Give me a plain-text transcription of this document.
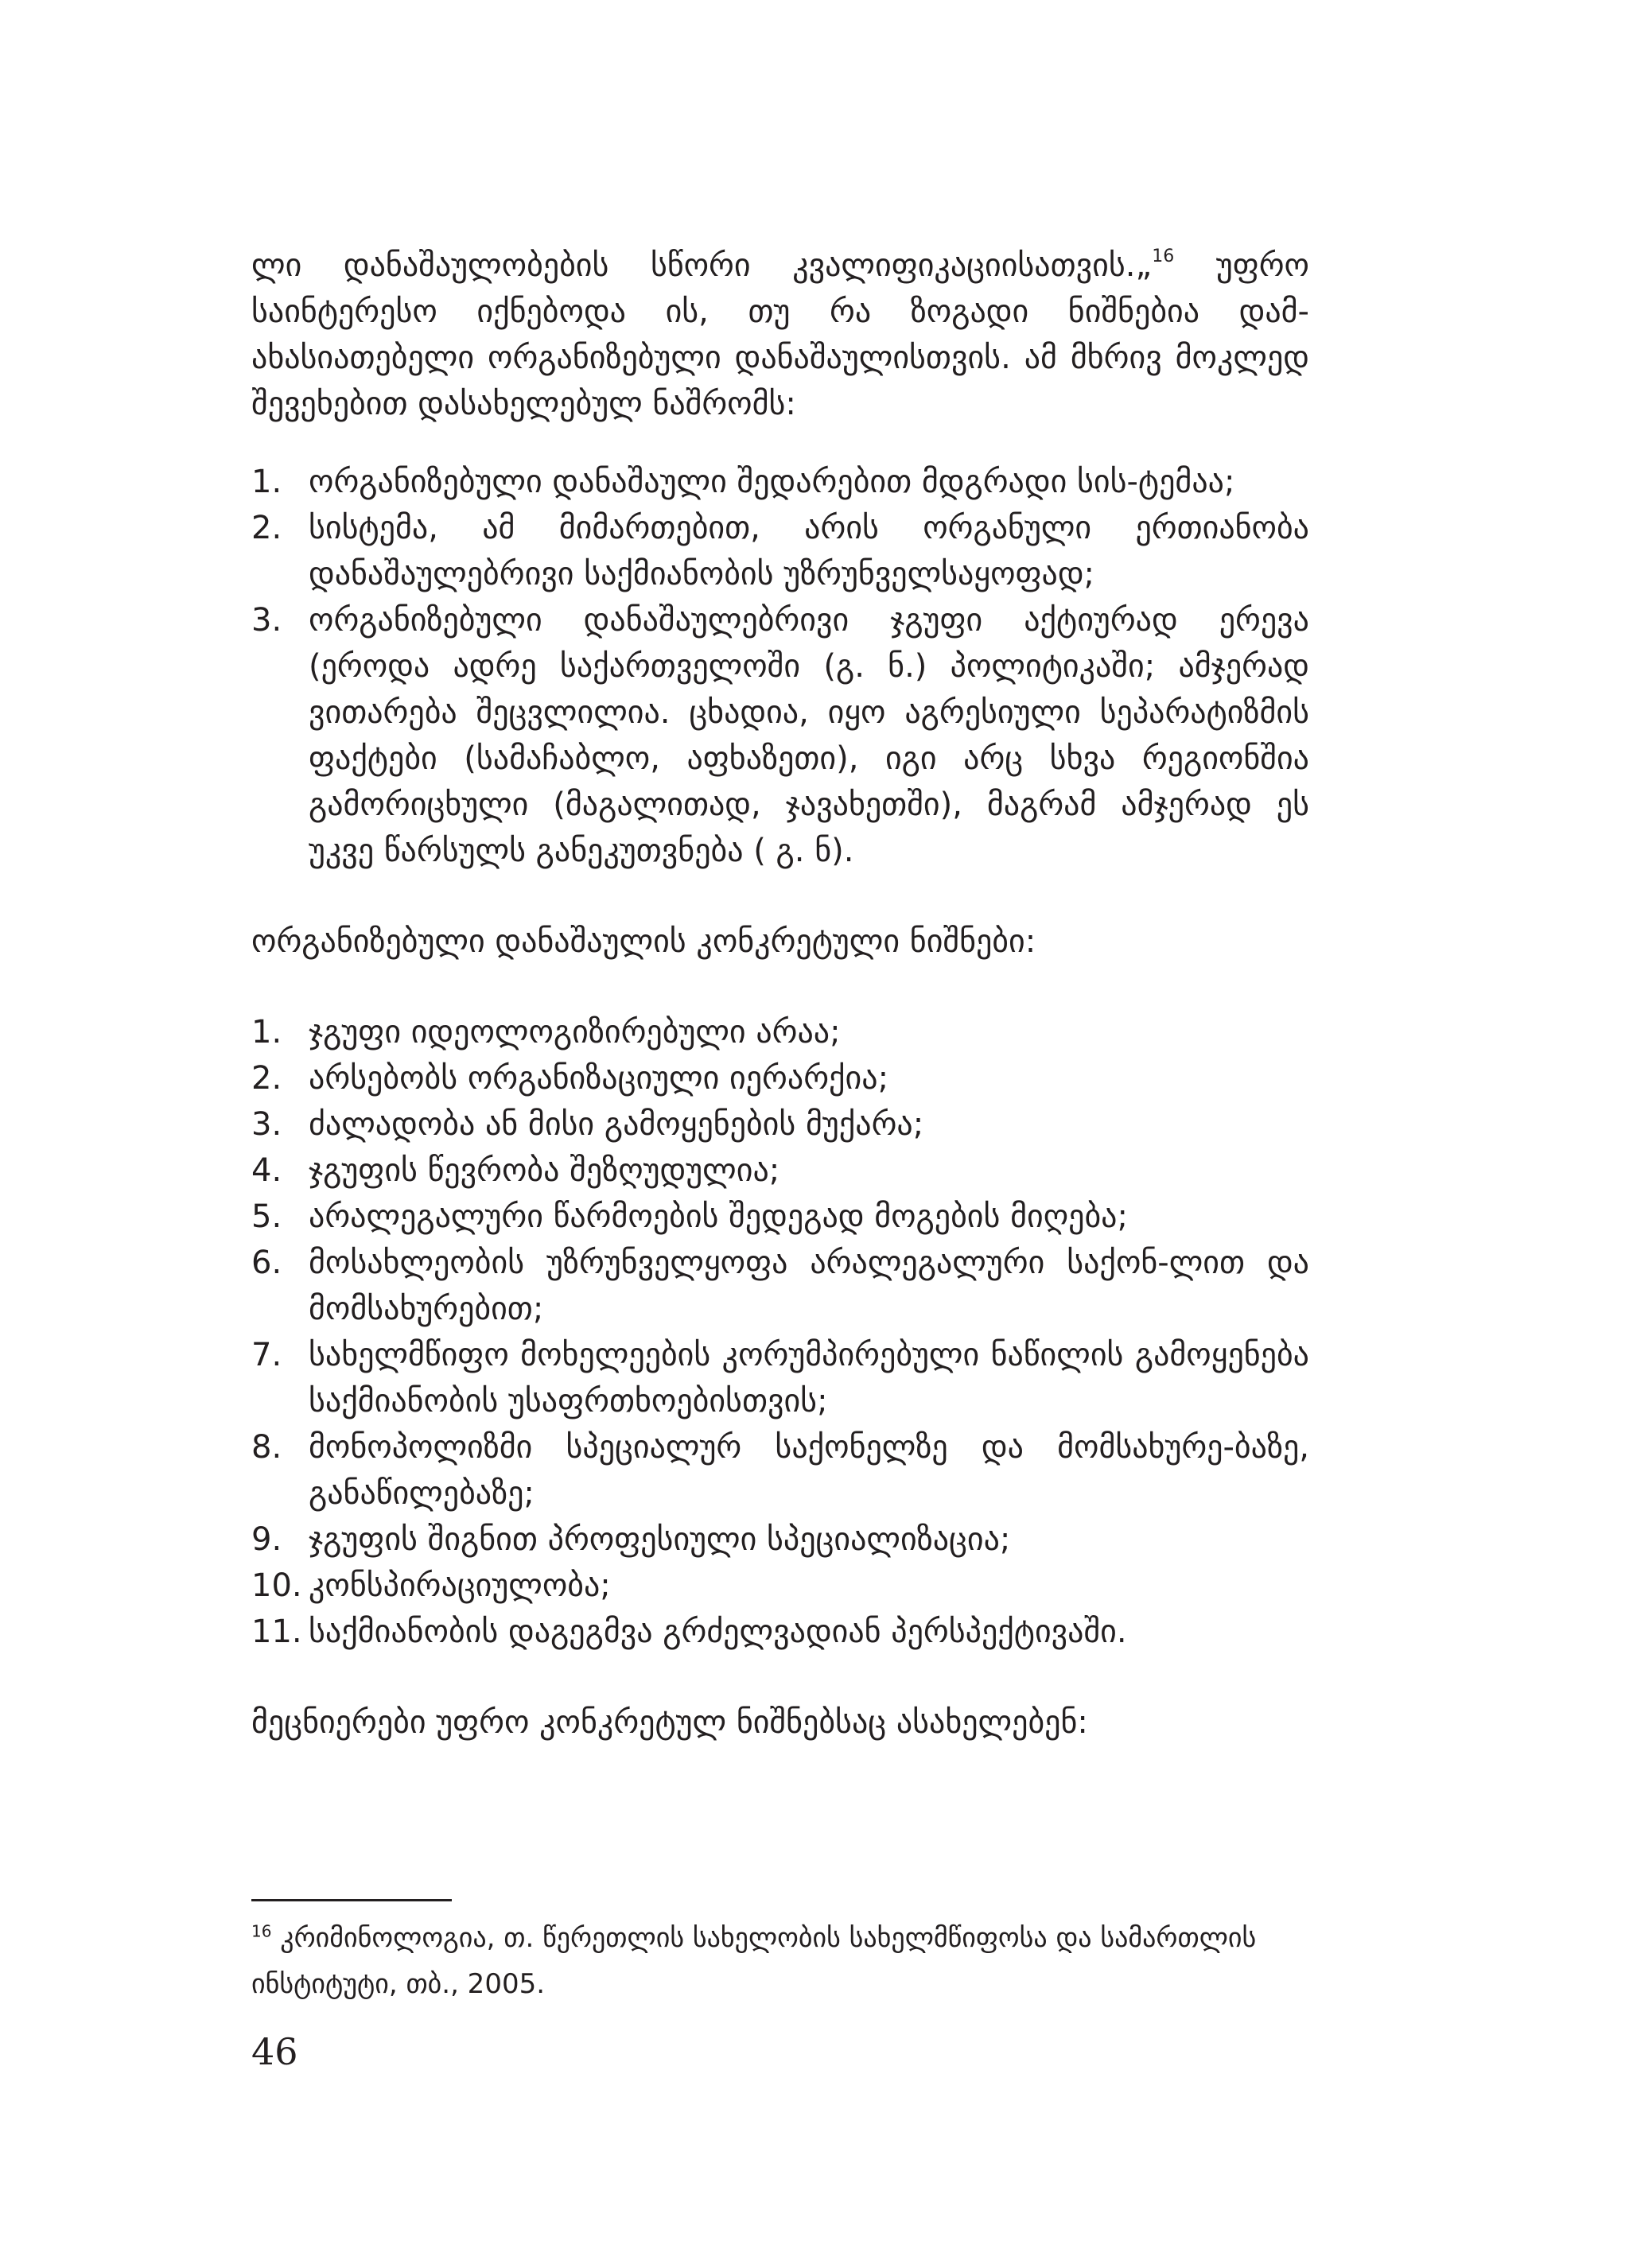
ლი დანაშაულობების სწორი კვალიფიკაციისათვის.„$^{16}$ უფრო საინტერესო იქნებოდა ის, თუ რა ზოგადი ნიშნებია დამ-ახასიათებელი ორგანიზებული დანაშაულისთვის. ამ მხრივ მოკლედ შევეხებით დასახელებულ ნაშრომს:

1. ორგანიზებული დანაშაული შედარებით მდგრადი სის-ტემაა;
2. სისტემა, ამ მიმართებით, არის ორგანული ერთიანობა დანაშაულებრივი საქმიანობის უზრუნველსაყოფად;
3. ორგანიზებული დანაშაულებრივი ჯგუფი აქტიურად ერევა (ეროდა ადრე საქართველოში (გ. ნ.) პოლიტიკაში; ამჯერად ვითარება შეცვლილია. ცხადია, იყო აგრესიული სეპარატიზმის ფაქტები (სამაჩაბლო, აფხაზეთი), იგი არც სხვა რეგიონშია გამორიცხული (მაგალითად, ჯავახეთში), მაგრამ ამჯერად ეს უკვე წარსულს განეკუთვნება ( გ. ნ).

ორგანიზებული დანაშაულის კონკრეტული ნიშნები:

1. ჯგუფი იდეოლოგიზირებული არაა;
2. არსებობს ორგანიზაციული იერარქია;
3. ძალადობა ან მისი გამოყენების მუქარა;
4. ჯგუფის წევრობა შეზღუდულია;
5. არალეგალური წარმოების შედეგად მოგების მიღება;
6. მოსახლეობის უზრუნველყოფა არალეგალური საქონ-ლით და მომსახურებით;
7. სახელმწიფო მოხელეების კორუმპირებული ნაწილის გამოყენება საქმიანობის უსაფრთხოებისთვის;
8. მონოპოლიზმი სპეციალურ საქონელზე და მომსახურე-ბაზე, განაწილებაზე;
9. ჯგუფის შიგნით პროფესიული სპეციალიზაცია;
10. კონსპირაციულობა;
11. საქმიანობის დაგეგმვა გრძელვადიან პერსპექტივაში.

მეცნიერები უფრო კონკრეტულ ნიშნებსაც ასახელებენ:

$^{16}$ კრიმინოლოგია, თ. წერეთლის სახელობის სახელმწიფოსა და სამართლის ინსტიტუტი, თბ., 2005.

46
